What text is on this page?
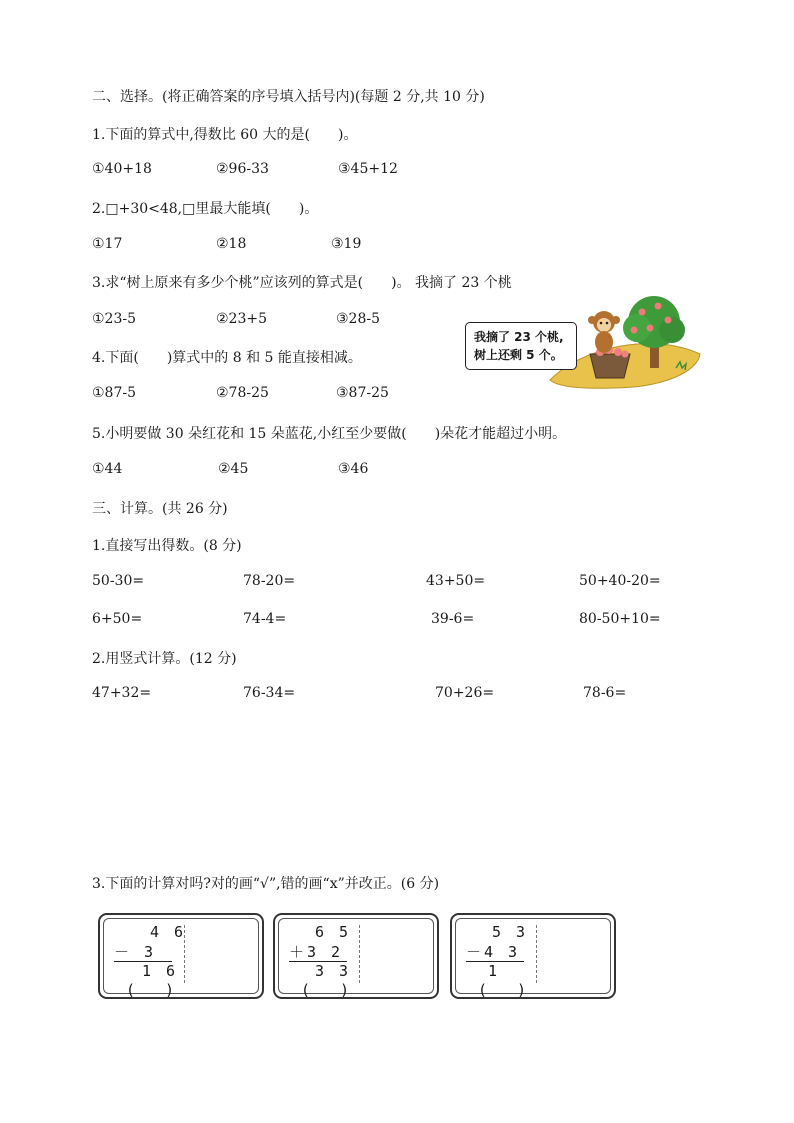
二、选择。(将正确答案的序号填入括号内)(每题 2 分,共 10 分)
1.下面的算式中,得数比 60 大的是(　　)。
①40+18	②96-33	③45+12
2.□+30<48,□里最大能填(　　)。
①17	②18	③19
3.求“树上原来有多少个桃”应该列的算式是(　　)。 我摘了 23 个桃
①23-5	②23+5	③28-5
4.下面(　　)算式中的 8 和 5 能直接相减。
①87-5	②78-25	③87-25
5.小明要做 30 朵红花和 15 朵蓝花,小红至少要做(　　)朵花才能超过小明。
①44	②45	③46
我摘了 23 个桃,
树上还剩 5 个。
三、计算。(共 26 分)
1.直接写出得数。(8 分)
50-30=	78-20=	43+50=	50+40-20=
6+50=	74-4=	39-6=	80-50+10=
2.用竖式计算。(12 分)
47+32=	76-34=	70+26=	78-6=
3.下面的计算对吗?对的画“√”,错的画“x”并改正。(6 分)
4 6
－ 3
1 6
(　　)
6 5
＋3 2
3 3
(　　)
5 3
－4 3
1
(　　)
